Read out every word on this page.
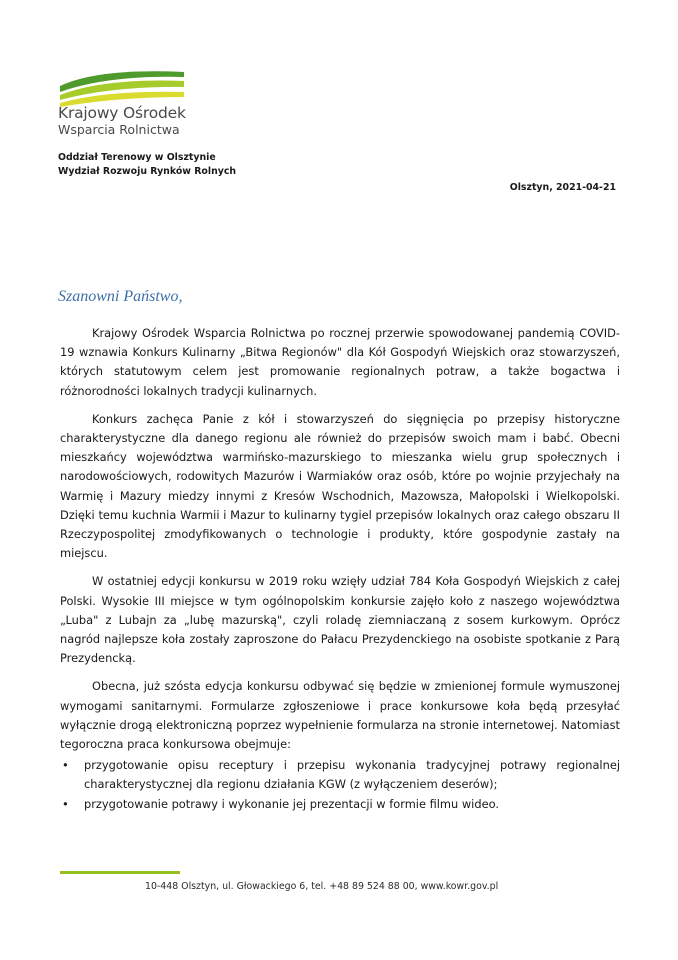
Krajowy Ośrodek
Wsparcia Rolnictwa
Oddział Terenowy w Olsztynie
Wydział Rozwoju Rynków Rolnych
Olsztyn, 2021-04-21
Szanowni Państwo,

Krajowy Ośrodek Wsparcia Rolnictwa po rocznej przerwie spowodowanej pandemią COVID-19 wznawia Konkurs Kulinarny „Bitwa Regionów" dla Kół Gospodyń Wiejskich oraz stowarzyszeń, których statutowym celem jest promowanie regionalnych potraw, a także bogactwa i różnorodności lokalnych tradycji kulinarnych.

Konkurs zachęca Panie z kół i stowarzyszeń do sięgnięcia po przepisy historyczne charakterystyczne dla danego regionu ale również do przepisów swoich mam i babć. Obecni mieszkańcy województwa warmińsko-mazurskiego to mieszanka wielu grup społecznych i narodowościowych, rodowitych Mazurów i Warmiaków oraz osób, które po wojnie przyjechały na Warmię i Mazury miedzy innymi z Kresów Wschodnich, Mazowsza, Małopolski i Wielkopolski. Dzięki temu kuchnia Warmii i Mazur to kulinarny tygiel przepisów lokalnych oraz całego obszaru II Rzeczypospolitej zmodyfikowanych o technologie i produkty, które gospodynie zastały na miejscu.

W ostatniej edycji konkursu w 2019 roku wzięły udział 784 Koła Gospodyń Wiejskich z całej Polski. Wysokie III miejsce w tym ogólnopolskim konkursie zajęło koło z naszego województwa „Luba" z Lubajn za „lubę mazurską", czyli roladę ziemniaczaną z sosem kurkowym. Oprócz nagród najlepsze koła zostały zaproszone do Pałacu Prezydenckiego na osobiste spotkanie z Parą Prezydencką.

Obecna, już szósta edycja konkursu odbywać się będzie w zmienionej formule wymuszonej wymogami sanitarnymi. Formularze zgłoszeniowe i prace konkursowe koła będą przesyłać wyłącznie drogą elektroniczną poprzez wypełnienie formularza na stronie internetowej. Natomiast tegoroczna praca konkursowa obejmuje:

• przygotowanie opisu receptury i przepisu wykonania tradycyjnej potrawy regionalnej charakterystycznej dla regionu działania KGW (z wyłączeniem deserów);
• przygotowanie potrawy i wykonanie jej prezentacji w formie filmu wideo.
10-448 Olsztyn, ul. Głowackiego 6, tel. +48 89 524 88 00, www.kowr.gov.pl
